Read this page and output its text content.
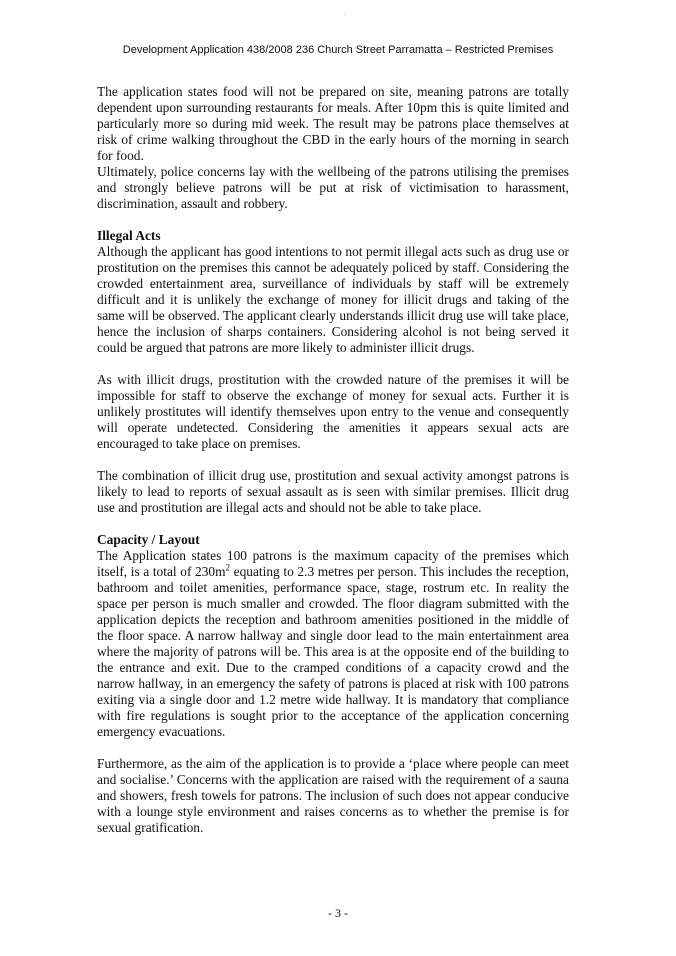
Development Application 438/2008 236 Church Street Parramatta – Restricted Premises

The application states food will not be prepared on site, meaning patrons are totally dependent upon surrounding restaurants for meals. After 10pm this is quite limited and particularly more so during mid week. The result may be patrons place themselves at risk of crime walking throughout the CBD in the early hours of the morning in search for food.

Ultimately, police concerns lay with the wellbeing of the patrons utilising the premises and strongly believe patrons will be put at risk of victimisation to harassment, discrimination, assault and robbery.

Illegal Acts

Although the applicant has good intentions to not permit illegal acts such as drug use or prostitution on the premises this cannot be adequately policed by staff. Considering the crowded entertainment area, surveillance of individuals by staff will be extremely difficult and it is unlikely the exchange of money for illicit drugs and taking of the same will be observed. The applicant clearly understands illicit drug use will take place, hence the inclusion of sharps containers. Considering alcohol is not being served it could be argued that patrons are more likely to administer illicit drugs.

As with illicit drugs, prostitution with the crowded nature of the premises it will be impossible for staff to observe the exchange of money for sexual acts. Further it is unlikely prostitutes will identify themselves upon entry to the venue and consequently will operate undetected. Considering the amenities it appears sexual acts are encouraged to take place on premises.

The combination of illicit drug use, prostitution and sexual activity amongst patrons is likely to lead to reports of sexual assault as is seen with similar premises. Illicit drug use and prostitution are illegal acts and should not be able to take place.

Capacity / Layout

The Application states 100 patrons is the maximum capacity of the premises which itself, is a total of $230m^2$ equating to 2.3 metres per person. This includes the reception, bathroom and toilet amenities, performance space, stage, rostrum etc. In reality the space per person is much smaller and crowded. The floor diagram submitted with the application depicts the reception and bathroom amenities positioned in the middle of the floor space. A narrow hallway and single door lead to the main entertainment area where the majority of patrons will be. This area is at the opposite end of the building to the entrance and exit. Due to the cramped conditions of a capacity crowd and the narrow hallway, in an emergency the safety of patrons is placed at risk with 100 patrons exiting via a single door and 1.2 metre wide hallway. It is mandatory that compliance with fire regulations is sought prior to the acceptance of the application concerning emergency evacuations.

Furthermore, as the aim of the application is to provide a ‘place where people can meet and socialise.’ Concerns with the application are raised with the requirement of a sauna and showers, fresh towels for patrons. The inclusion of such does not appear conducive with a lounge style environment and raises concerns as to whether the premise is for sexual gratification.

- 3 -
